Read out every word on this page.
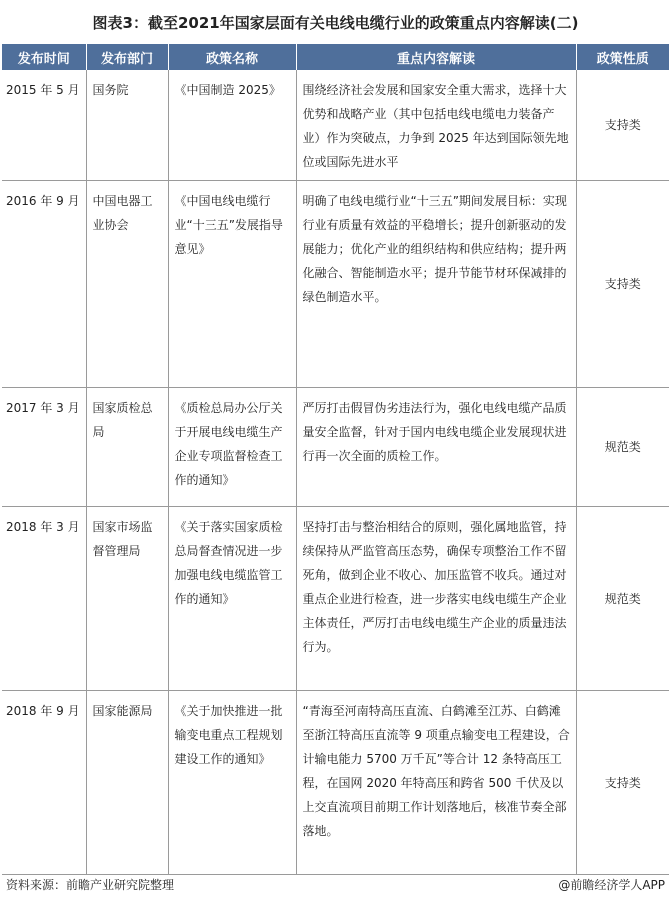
图表3：截至2021年国家层面有关电线电缆行业的政策重点内容解读(二)
发布时间	发布部门	政策名称	重点内容解读	政策性质
2015 年 5 月	国务院	《中国制造 2025》	围绕经济社会发展和国家安全重大需求，选择十大优势和战略产业（其中包括电线电缆电力装备产业）作为突破点，力争到 2025 年达到国际领先地位或国际先进水平	支持类
2016 年 9 月	中国电器工业协会	《中国电线电缆行业“十三五”发展指导意见》	明确了电线电缆行业“十三五”期间发展目标：实现行业有质量有效益的平稳增长；提升创新驱动的发展能力；优化产业的组织结构和供应结构；提升两化融合、智能制造水平；提升节能节材环保减排的绿色制造水平。	支持类
2017 年 3 月	国家质检总局	《质检总局办公厅关于开展电线电缆生产企业专项监督检查工作的通知》	严厉打击假冒伪劣违法行为，强化电线电缆产品质量安全监督，针对于国内电线电缆企业发展现状进行再一次全面的质检工作。	规范类
2018 年 3 月	国家市场监督管理局	《关于落实国家质检总局督查情况进一步加强电线电缆监管工作的通知》	坚持打击与整治相结合的原则，强化属地监管，持续保持从严监管高压态势，确保专项整治工作不留死角，做到企业不收心、加压监管不收兵。通过对重点企业进行检查，进一步落实电线电缆生产企业主体责任，严厉打击电线电缆生产企业的质量违法行为。	规范类
2018 年 9 月	国家能源局	《关于加快推进一批输变电重点工程规划建设工作的通知》	“青海至河南特高压直流、白鹤滩至江苏、白鹤滩至浙江特高压直流等 9 项重点输变电工程建设，合计输电能力 5700 万千瓦”等合计 12 条特高压工程，在国网 2020 年特高压和跨省 500 千伏及以上交直流项目前期工作计划落地后，核准节奏全部落地。	支持类
资料来源：前瞻产业研究院整理	@前瞻经济学人APP
